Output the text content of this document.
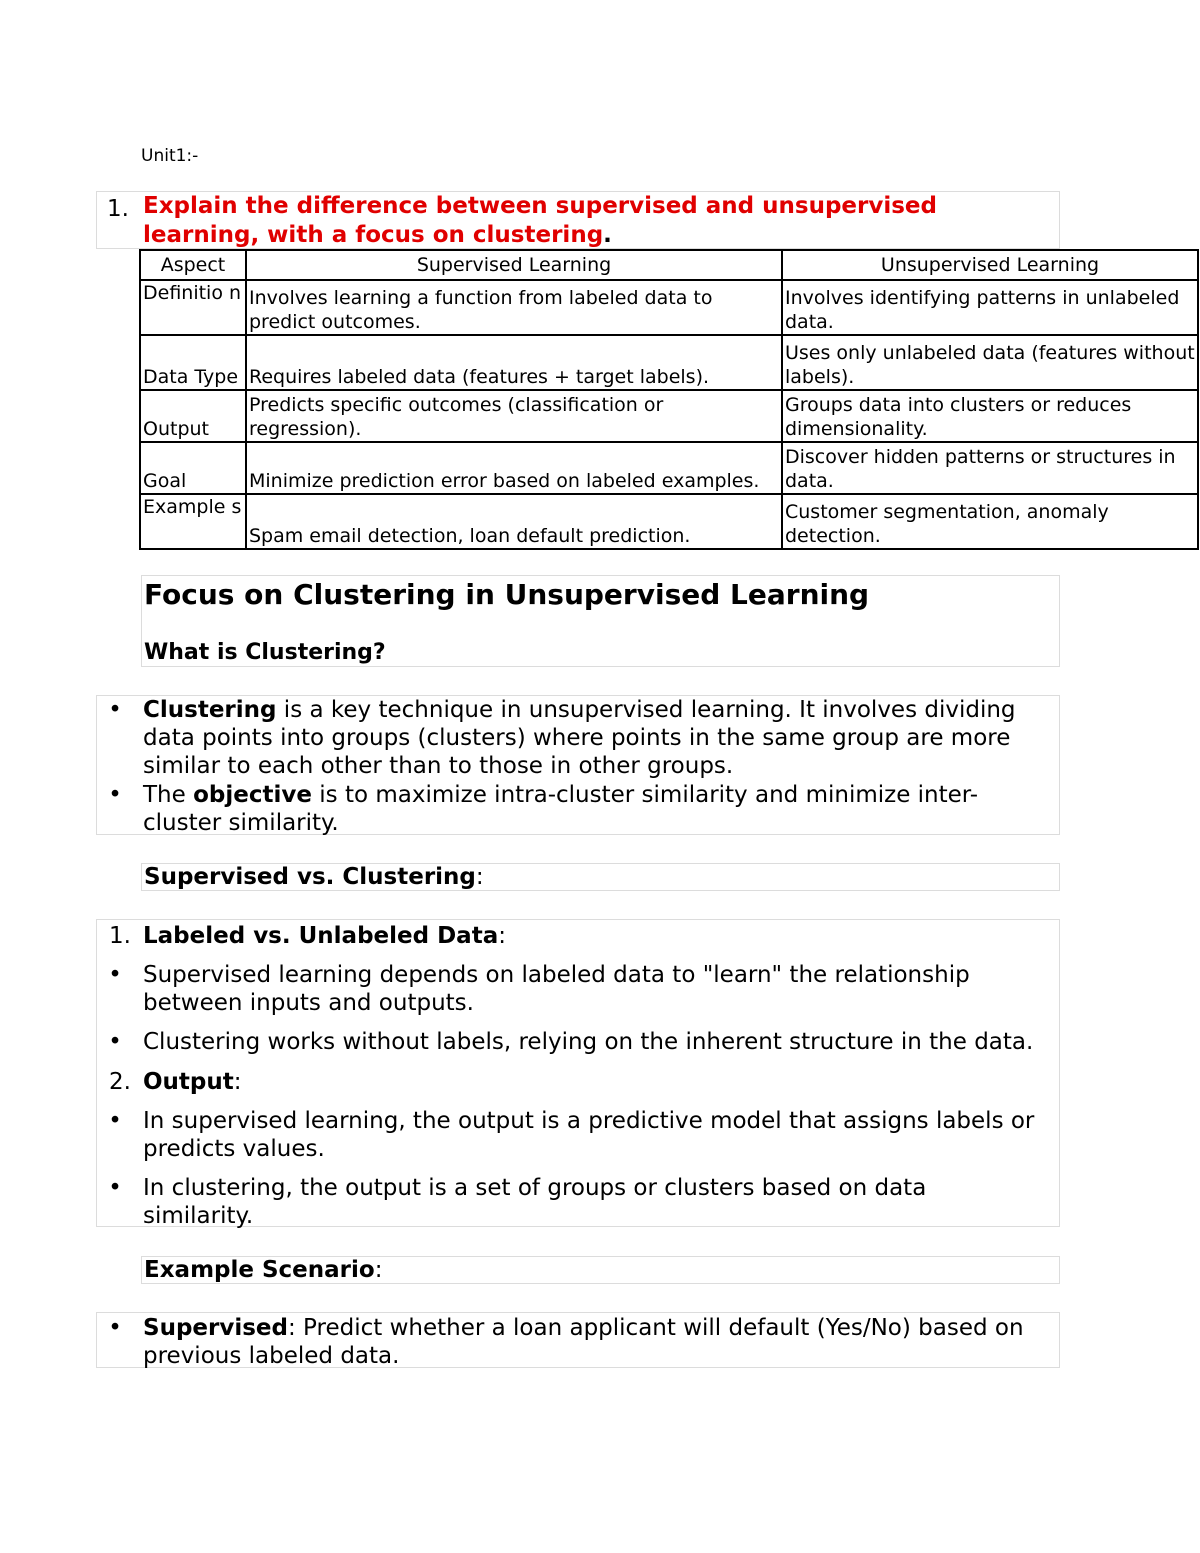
Unit1:-
1. Explain the difference between supervised and unsupervised learning, with a focus on clustering.
Aspect	Supervised Learning	Unsupervised Learning
Definitio n	Involves learning a function from labeled data to predict outcomes.	Involves identifying patterns in unlabeled data.
Data Type	Requires labeled data (features + target labels).	Uses only unlabeled data (features without labels).
Output	Predicts specific outcomes (classification or regression).	Groups data into clusters or reduces dimensionality.
Goal	Minimize prediction error based on labeled examples.	Discover hidden patterns or structures in data.
Example s	Spam email detection, loan default prediction.	Customer segmentation, anomaly detection.
Focus on Clustering in Unsupervised Learning
What is Clustering?
• Clustering is a key technique in unsupervised learning. It involves dividing data points into groups (clusters) where points in the same group are more similar to each other than to those in other groups.
• The objective is to maximize intra-cluster similarity and minimize inter-cluster similarity.
Supervised vs. Clustering:
1. Labeled vs. Unlabeled Data:
• Supervised learning depends on labeled data to "learn" the relationship between inputs and outputs.
• Clustering works without labels, relying on the inherent structure in the data.
2. Output:
• In supervised learning, the output is a predictive model that assigns labels or predicts values.
• In clustering, the output is a set of groups or clusters based on data similarity.
Example Scenario:
• Supervised: Predict whether a loan applicant will default (Yes/No) based on previous labeled data.
